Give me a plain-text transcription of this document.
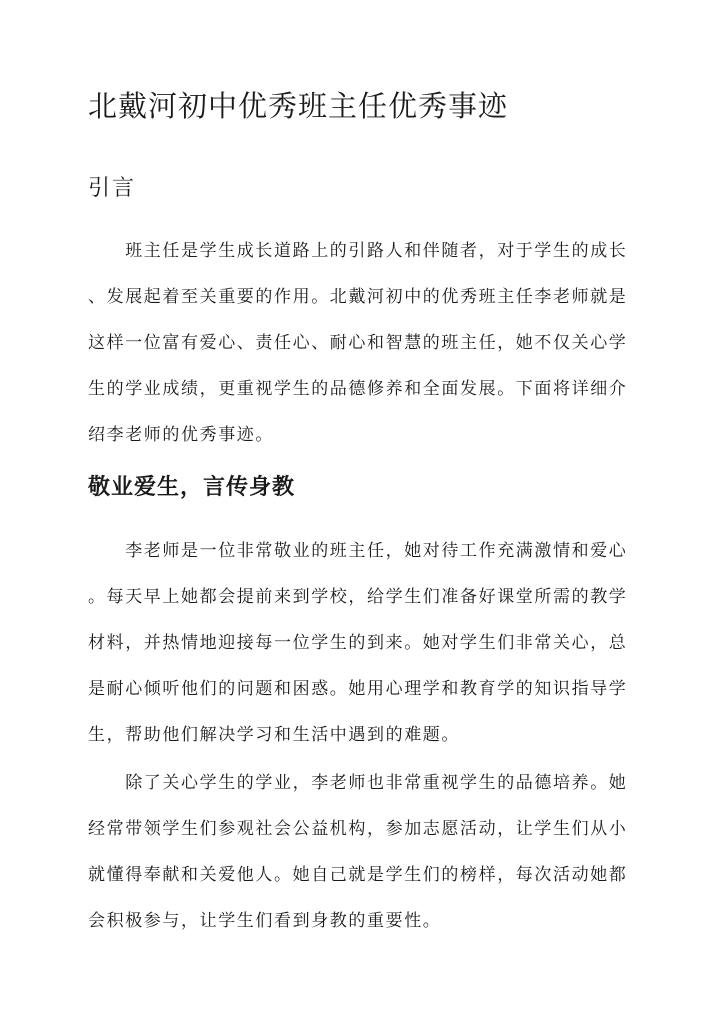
北戴河初中优秀班主任优秀事迹
引言
　　班主任是学生成长道路上的引路人和伴随者，对于学生的成长
、发展起着至关重要的作用。北戴河初中的优秀班主任李老师就是
这样一位富有爱心、责任心、耐心和智慧的班主任，她不仅关心学
生的学业成绩，更重视学生的品德修养和全面发展。下面将详细介
绍李老师的优秀事迹。
敬业爱生，言传身教
　　李老师是一位非常敬业的班主任，她对待工作充满激情和爱心
。每天早上她都会提前来到学校，给学生们准备好课堂所需的教学
材料，并热情地迎接每一位学生的到来。她对学生们非常关心，总
是耐心倾听他们的问题和困惑。她用心理学和教育学的知识指导学
生，帮助他们解决学习和生活中遇到的难题。
　　除了关心学生的学业，李老师也非常重视学生的品德培养。她
经常带领学生们参观社会公益机构，参加志愿活动，让学生们从小
就懂得奉献和关爱他人。她自己就是学生们的榜样，每次活动她都
会积极参与，让学生们看到身教的重要性。
